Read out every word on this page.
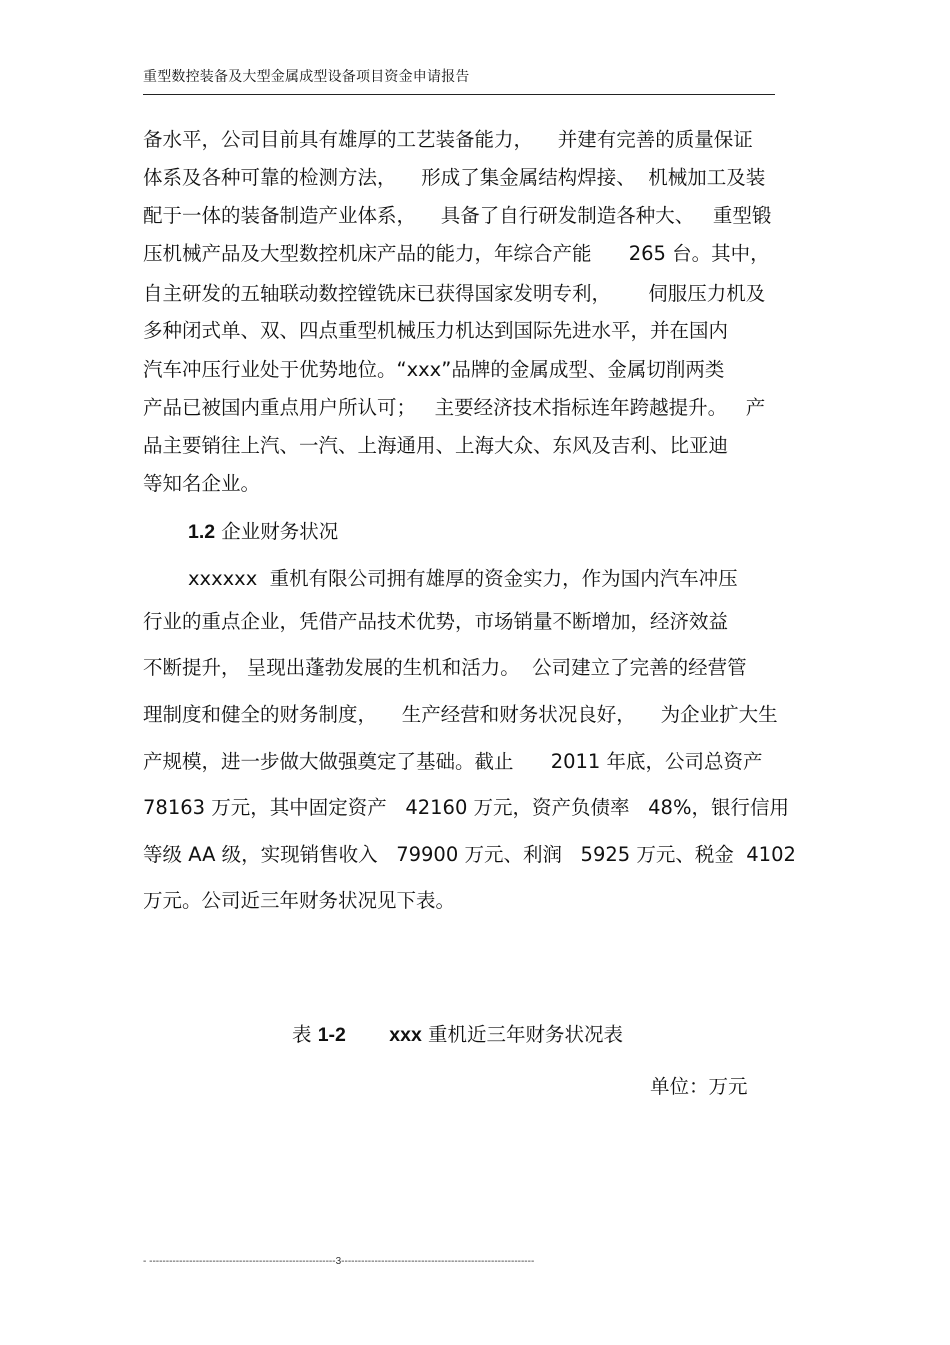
重型数控装备及大型金属成型设备项目资金申请报告
备水平，公司目前具有雄厚的工艺装备能力，    并建有完善的质量保证
体系及各种可靠的检测方法，    形成了集金属结构焊接、  机械加工及装
配于一体的装备制造产业体系，    具备了自行研发制造各种大、   重型锻
压机械产品及大型数控机床产品的能力，年综合产能      265 台。其中，
自主研发的五轴联动数控镗铣床已获得国家发明专利，      伺服压力机及
多种闭式单、双、四点重型机械压力机达到国际先进水平，并在国内
汽车冲压行业处于优势地位。“xxx”品牌的金属成型、金属切削两类
产品已被国内重点用户所认可；   主要经济技术指标连年跨越提升。   产
品主要销往上汽、一汽、上海通用、上海大众、东风及吉利、比亚迪
等知名企业。
1.2 企业财务状况
xxxxxx  重机有限公司拥有雄厚的资金实力，作为国内汽车冲压
行业的重点企业，凭借产品技术优势，市场销量不断增加，经济效益
不断提升， 呈现出蓬勃发展的生机和活力。  公司建立了完善的经营管
理制度和健全的财务制度，    生产经营和财务状况良好，    为企业扩大生
产规模，进一步做大做强奠定了基础。截止      2011 年底，公司总资产
78163 万元，其中固定资产   42160 万元，资产负债率   48%，银行信用
等级 AA 级，实现销售收入   79900 万元、利润   5925 万元、税金  4102
万元。公司近三年财务状况见下表。
表 1-2 xxx 重机近三年财务状况表
单位：万元
- --------------------------------------------------------3----------------------------------------------------------
